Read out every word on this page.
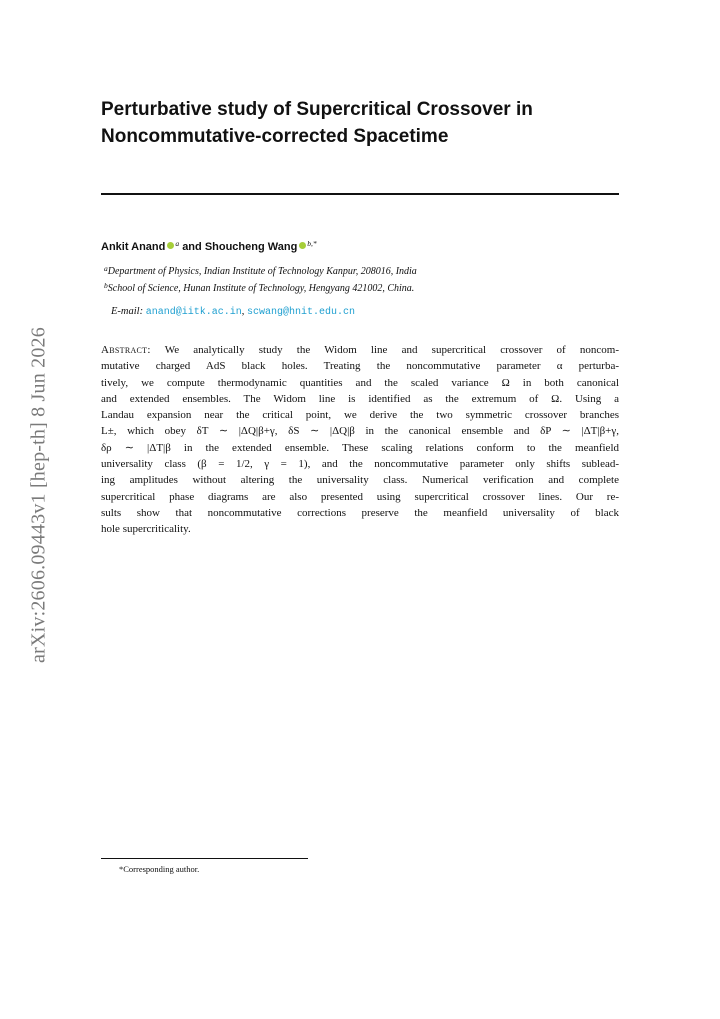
arXiv:2606.09443v1 [hep-th] 8 Jun 2026
Perturbative study of Supercritical Crossover in
Noncommutative-corrected Spacetime
Ankit Anand $^a$ and Shoucheng Wang $^{b,*}$
$^a$Department of Physics, Indian Institute of Technology Kanpur, 208016, India
$^b$School of Science, Hunan Institute of Technology, Hengyang 421002, China.
E-mail: anand@iitk.ac.in, scwang@hnit.edu.cn
Abstract: We analytically study the Widom line and supercritical crossover of noncom-
mutative charged AdS black holes. Treating the noncommutative parameter α perturba-
tively, we compute thermodynamic quantities and the scaled variance Ω in both canonical
and extended ensembles. The Widom line is identified as the extremum of Ω. Using a
Landau expansion near the critical point, we derive the two symmetric crossover branches
L±, which obey δT ∼ |ΔQ|β+γ, δS ∼ |ΔQ|β in the canonical ensemble and δP ∼ |ΔT|β+γ,
δρ ∼ |ΔT|β in the extended ensemble. These scaling relations conform to the meanfield
universality class (β = 1/2, γ = 1), and the noncommutative parameter only shifts sublead-
ing amplitudes without altering the universality class. Numerical verification and complete
supercritical phase diagrams are also presented using supercritical crossover lines. Our re-
sults show that noncommutative corrections preserve the meanfield universality of black
hole supercriticality.
*Corresponding author.
